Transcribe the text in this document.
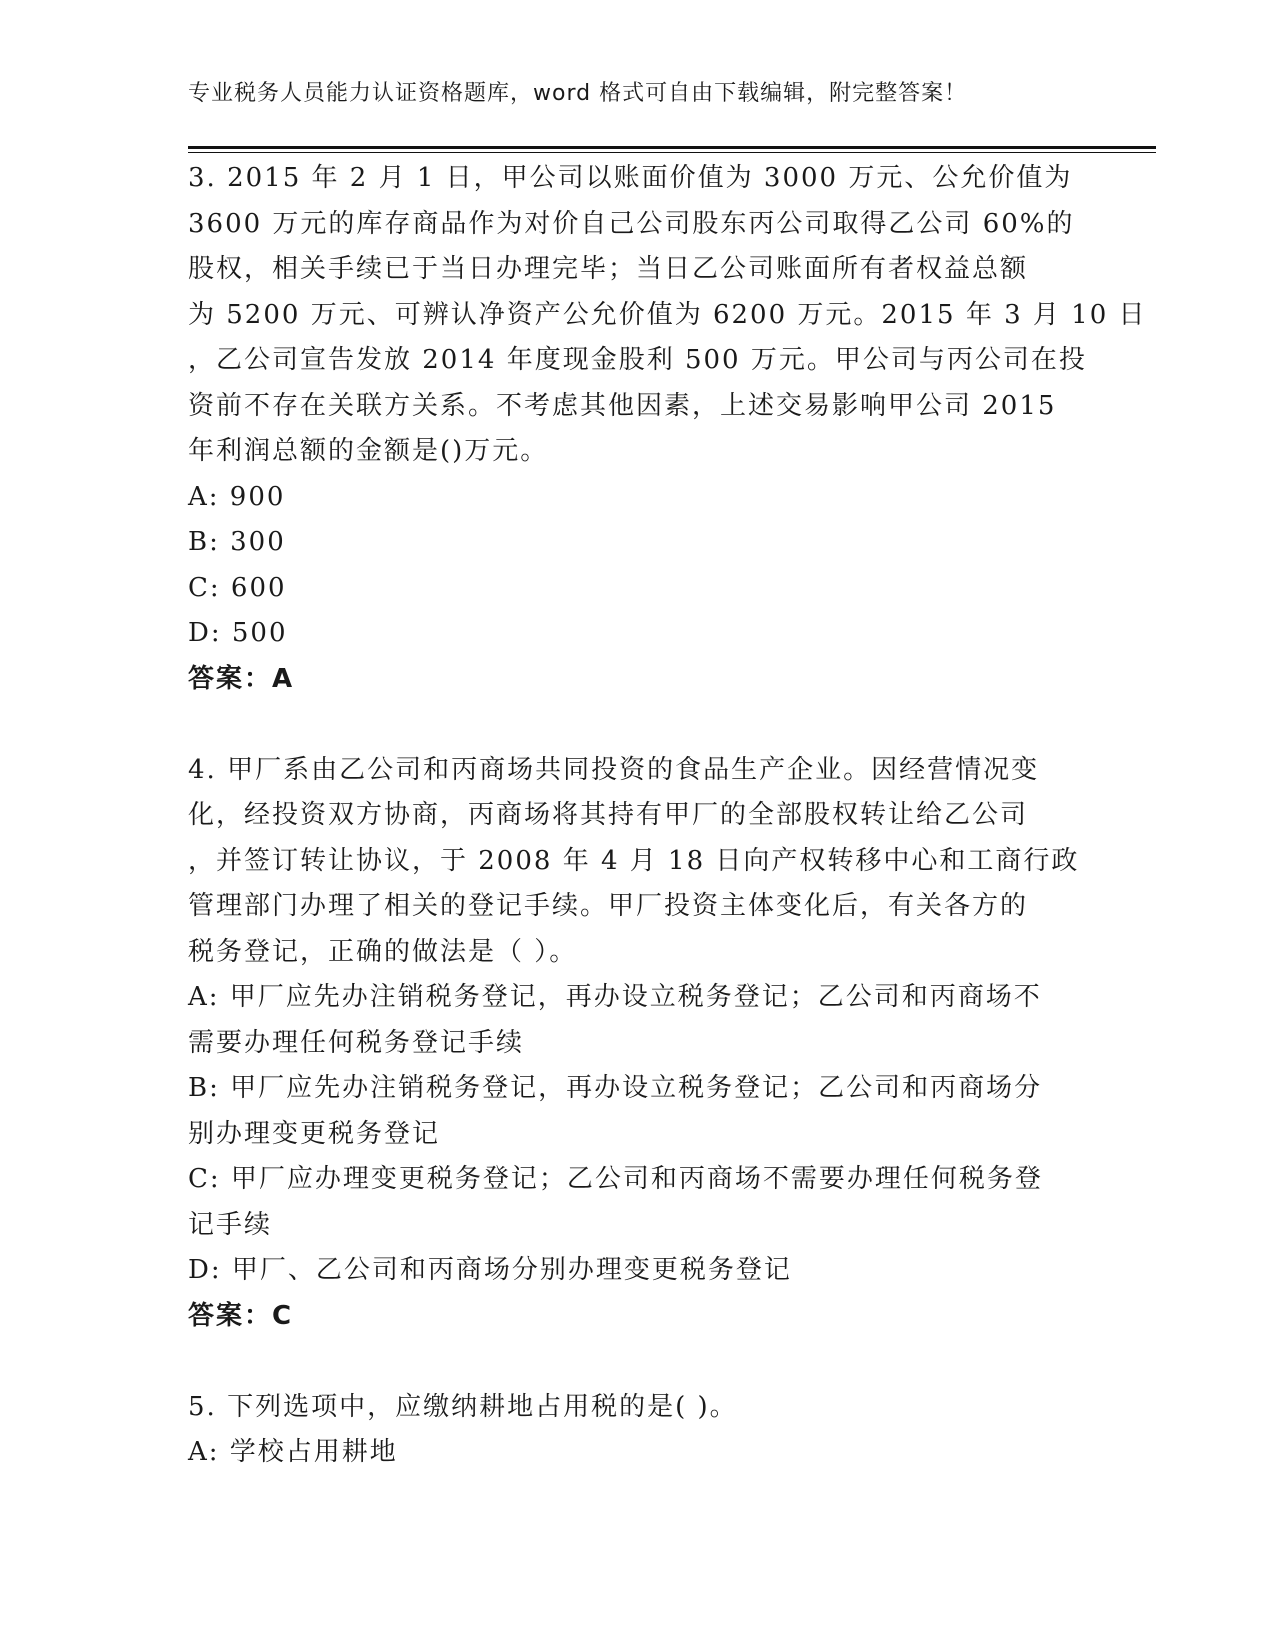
专业税务人员能力认证资格题库，word 格式可自由下载编辑，附完整答案！
3. 2015 年 2 月 1 日，甲公司以账面价值为 3000 万元、公允价值为
3600 万元的库存商品作为对价自己公司股东丙公司取得乙公司 60%的
股权，相关手续已于当日办理完毕；当日乙公司账面所有者权益总额
为 5200 万元、可辨认净资产公允价值为 6200 万元。2015 年 3 月 10 日
，乙公司宣告发放 2014 年度现金股利 500 万元。甲公司与丙公司在投
资前不存在关联方关系。不考虑其他因素，上述交易影响甲公司 2015
年利润总额的金额是()万元。
A: 900
B: 300
C: 600
D: 500
答案：A
4. 甲厂系由乙公司和丙商场共同投资的食品生产企业。因经营情况变
化，经投资双方协商，丙商场将其持有甲厂的全部股权转让给乙公司
，并签订转让协议，于 2008 年 4 月 18 日向产权转移中心和工商行政
管理部门办理了相关的登记手续。甲厂投资主体变化后，有关各方的
税务登记，正确的做法是（ ）。
A: 甲厂应先办注销税务登记，再办设立税务登记；乙公司和丙商场不
需要办理任何税务登记手续
B: 甲厂应先办注销税务登记，再办设立税务登记；乙公司和丙商场分
别办理变更税务登记
C: 甲厂应办理变更税务登记；乙公司和丙商场不需要办理任何税务登
记手续
D: 甲厂、乙公司和丙商场分别办理变更税务登记
答案：C
5. 下列选项中，应缴纳耕地占用税的是( )。
A: 学校占用耕地
